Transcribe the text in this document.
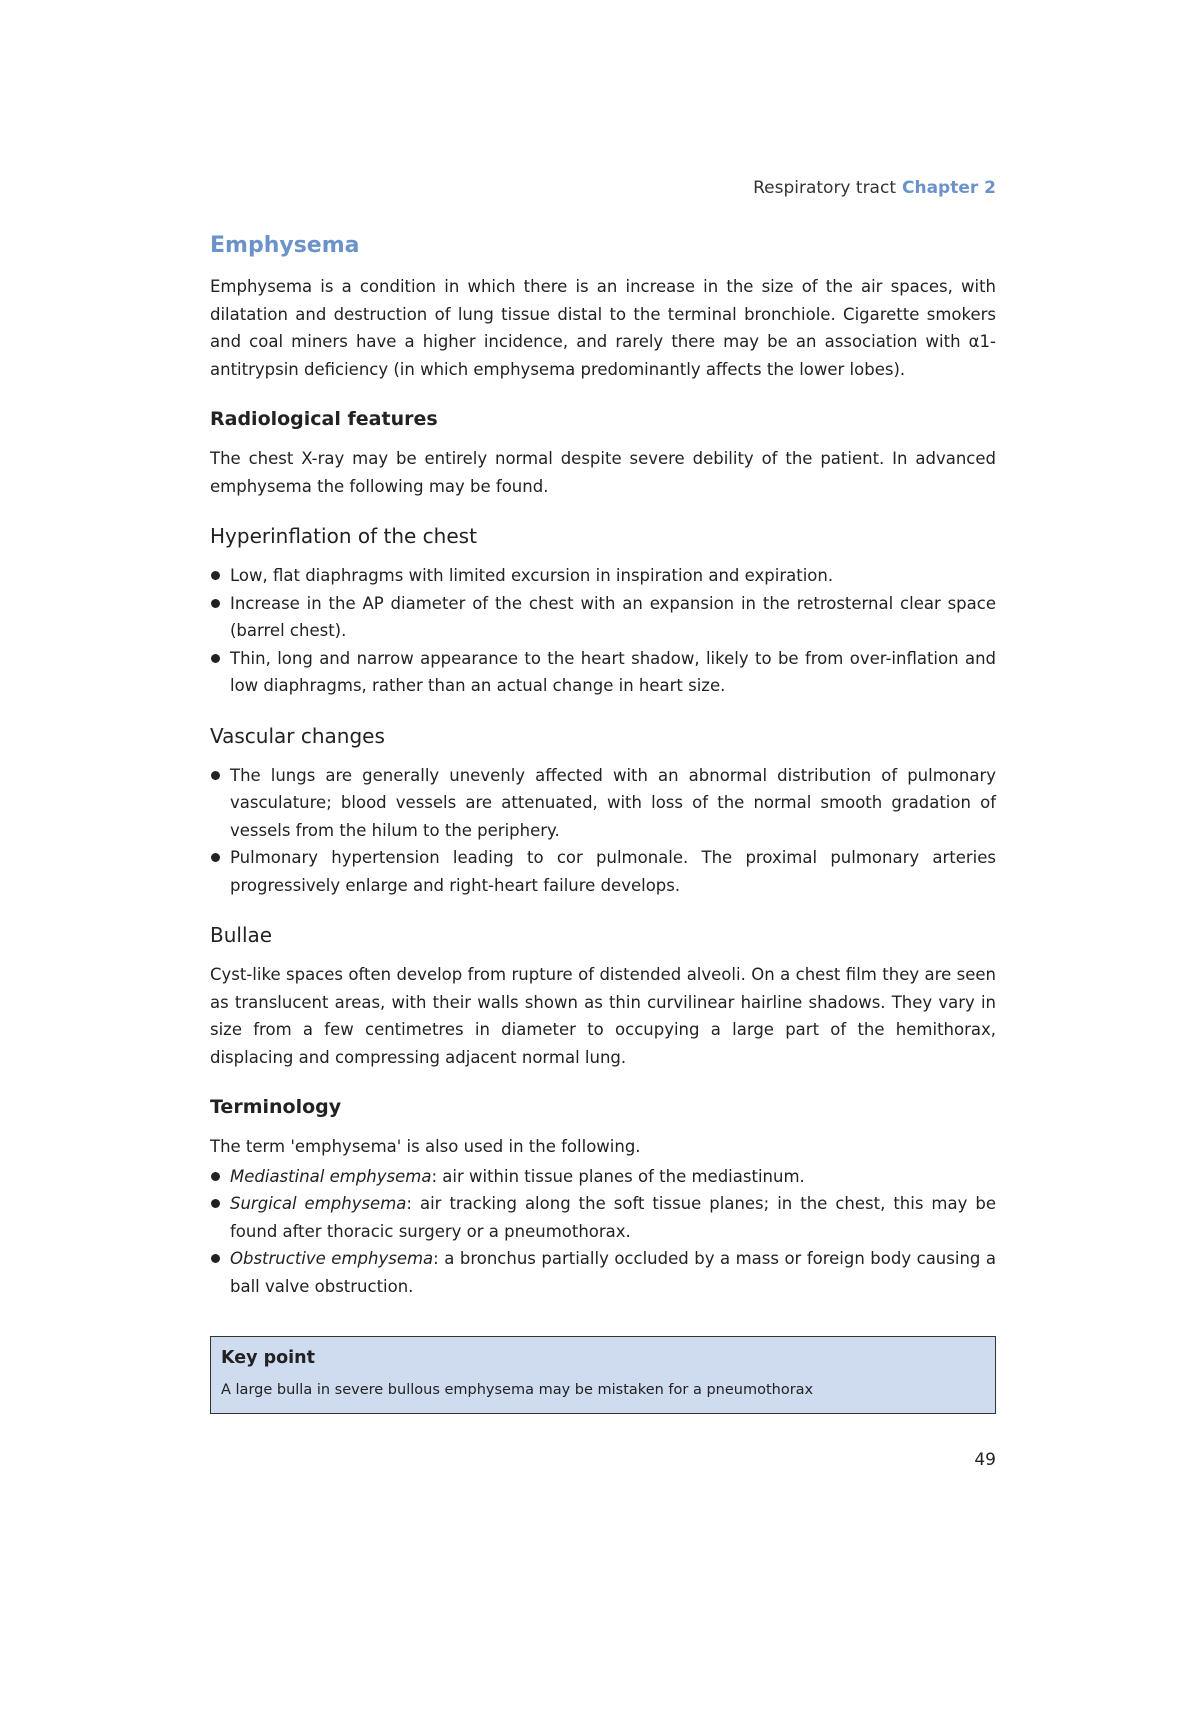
Respiratory tract Chapter 2
Emphysema

Emphysema is a condition in which there is an increase in the size of the air spaces, with dilatation and destruction of lung tissue distal to the terminal bronchiole. Cigarette smokers and coal miners have a higher incidence, and rarely there may be an association with α1-antitrypsin deficiency (in which emphysema predominantly affects the lower lobes).

Radiological features

The chest X-ray may be entirely normal despite severe debility of the patient. In advanced emphysema the following may be found.

Hyperinflation of the chest
Low, flat diaphragms with limited excursion in inspiration and expiration.
Increase in the AP diameter of the chest with an expansion in the retrosternal clear space (barrel chest).
Thin, long and narrow appearance to the heart shadow, likely to be from over-inflation and low diaphragms, rather than an actual change in heart size.
Vascular changes
The lungs are generally unevenly affected with an abnormal distribution of pulmonary vasculature; blood vessels are attenuated, with loss of the normal smooth gradation of vessels from the hilum to the periphery.
Pulmonary hypertension leading to cor pulmonale. The proximal pulmonary arteries progressively enlarge and right-heart failure develops.
Bullae

Cyst-like spaces often develop from rupture of distended alveoli. On a chest film they are seen as translucent areas, with their walls shown as thin curvilinear hairline shadows. They vary in size from a few centimetres in diameter to occupying a large part of the hemithorax, displacing and compressing adjacent normal lung.

Terminology

The term 'emphysema' is also used in the following.

Mediastinal emphysema: air within tissue planes of the mediastinum.
Surgical emphysema: air tracking along the soft tissue planes; in the chest, this may be found after thoracic surgery or a pneumothorax.
Obstructive emphysema: a bronchus partially occluded by a mass or foreign body causing a ball valve obstruction.
Key point
A large bulla in severe bullous emphysema may be mistaken for a pneumothorax
49
